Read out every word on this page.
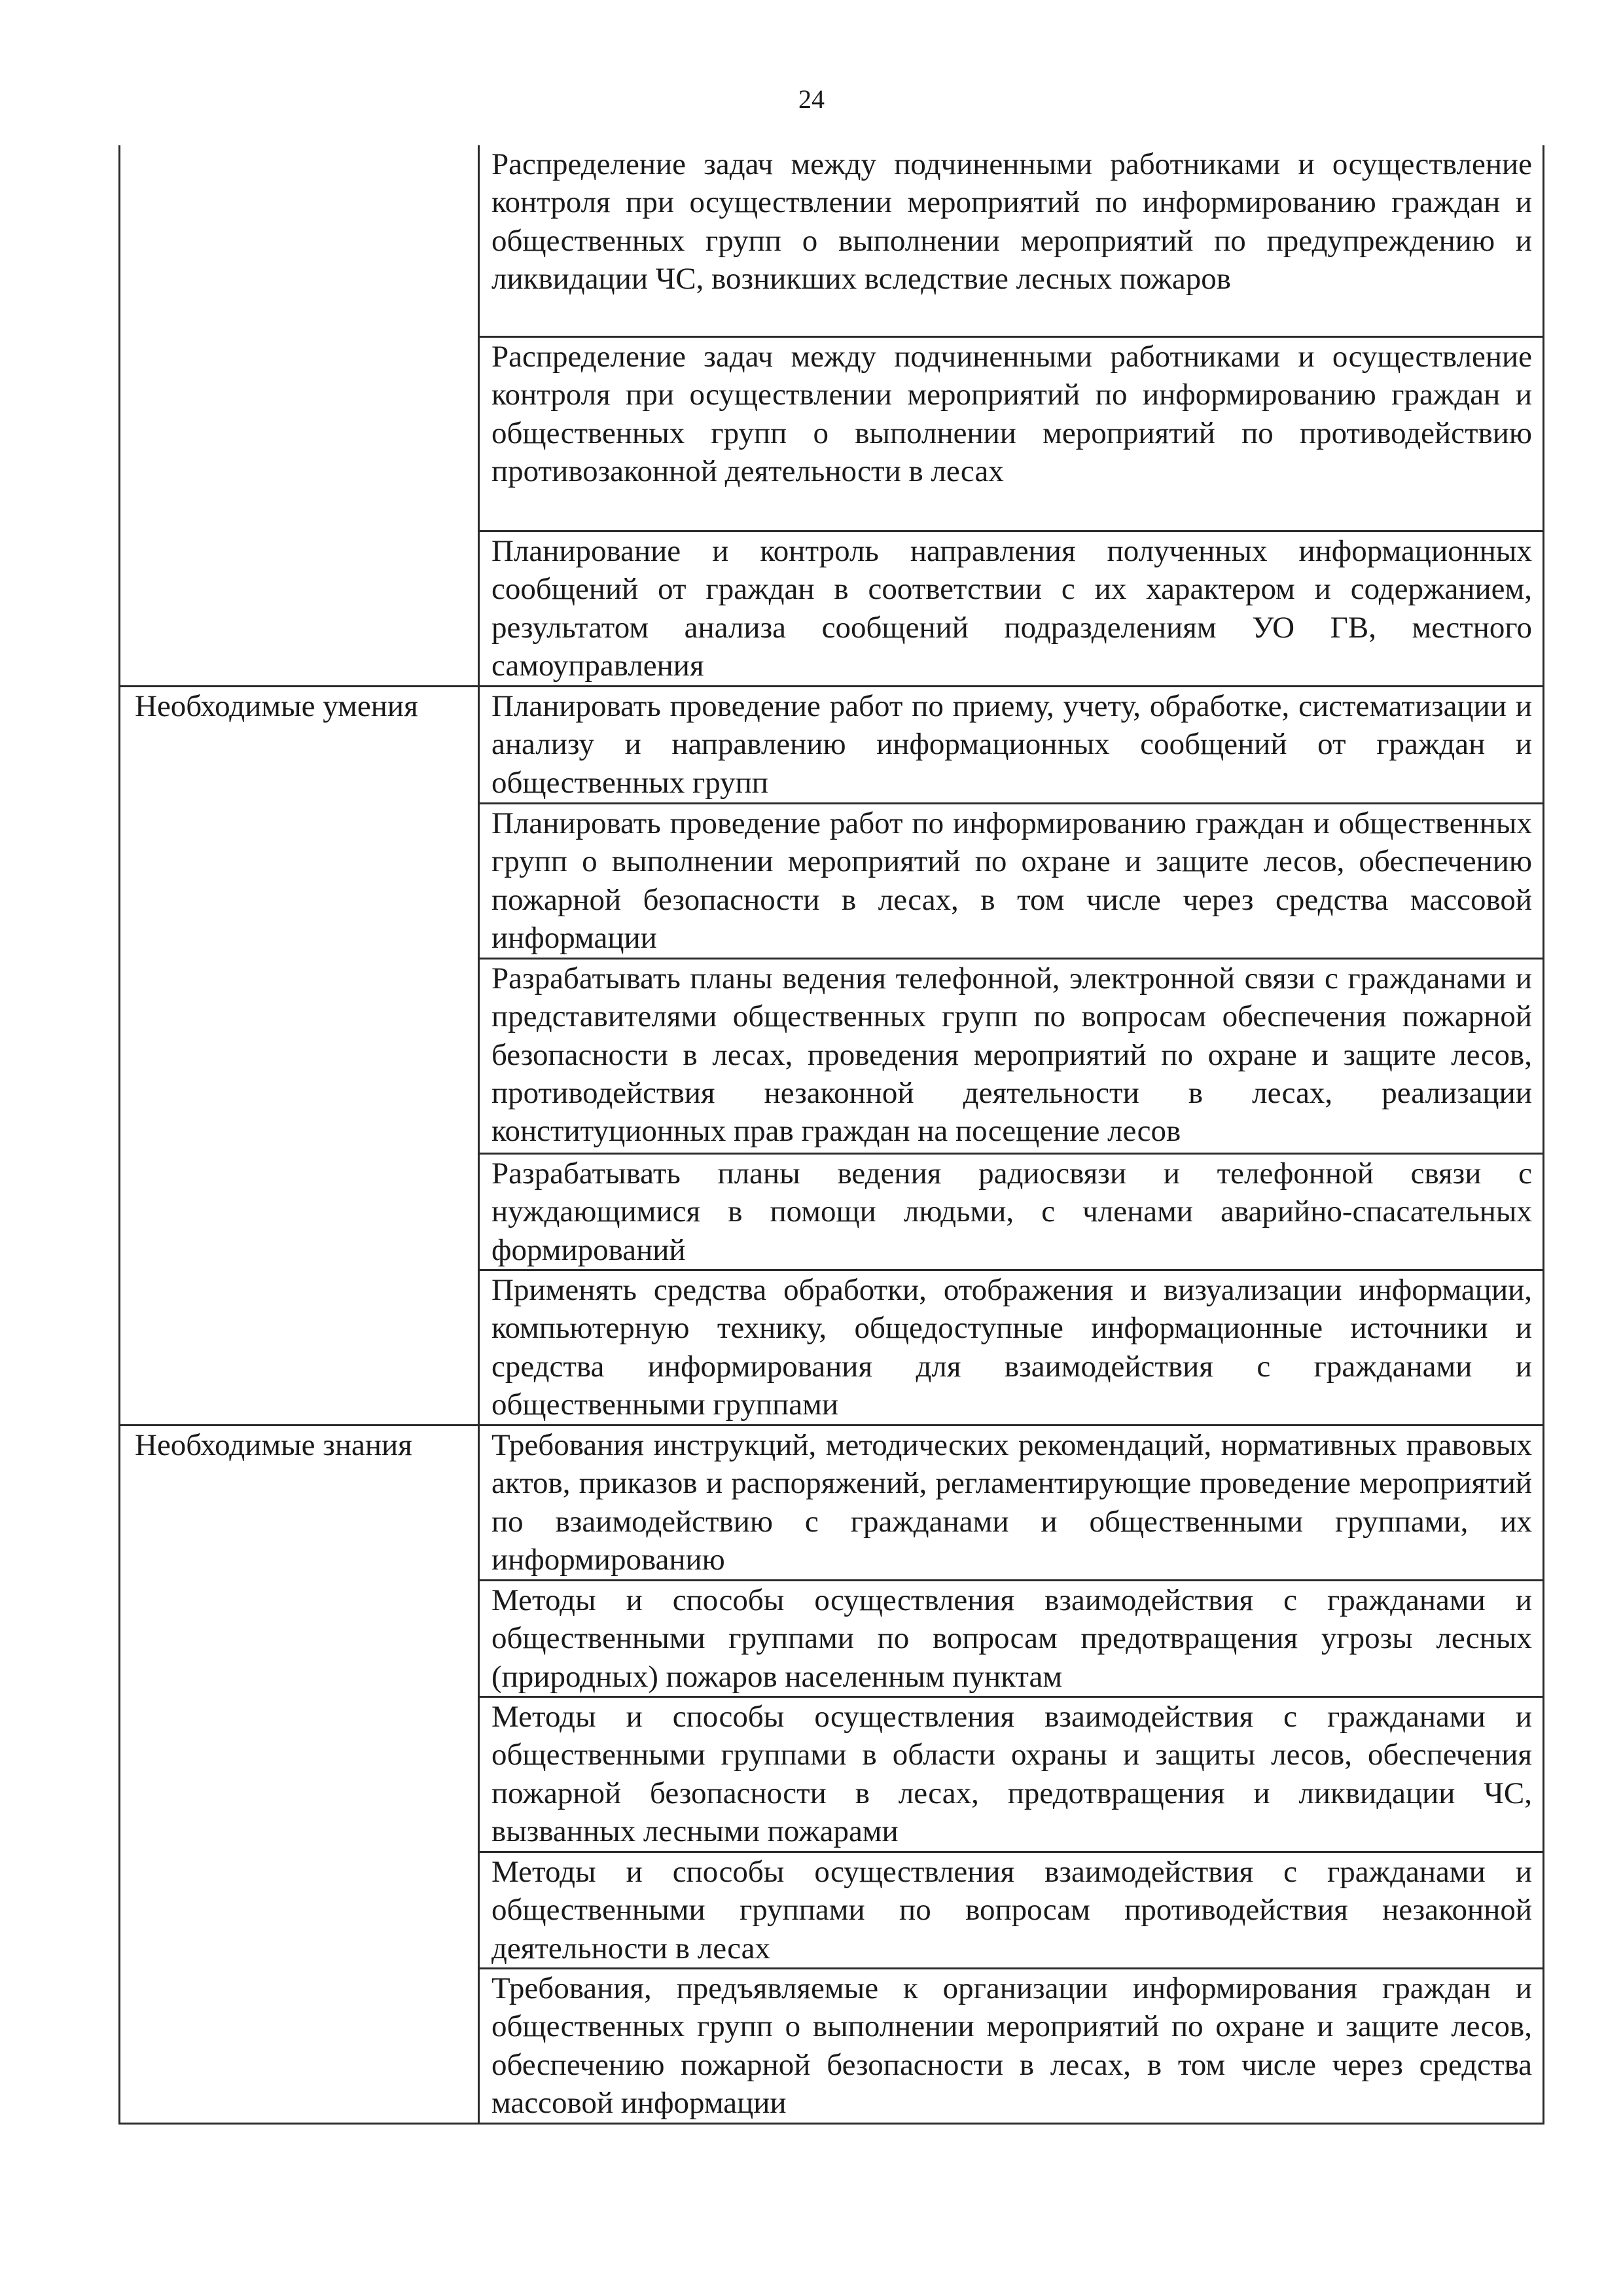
24
	Распределение задач между подчиненными работниками и осуществление контроля при осуществлении мероприятий по информированию граждан и общественных групп о выполнении мероприятий по предупреждению и ликвидации ЧС, возникших вследствие лесных пожаров
	Распределение задач между подчиненными работниками и осуществление контроля при осуществлении мероприятий по информированию граждан и общественных групп о выполнении мероприятий по противодействию противозаконной деятельности в лесах
	Планирование и контроль направления полученных информационных сообщений от граждан в соответствии с их характером и содержанием, результатом анализа сообщений подразделениям УО ГВ, местного самоуправления
Необходимые умения	Планировать проведение работ по приему, учету, обработке, систематизации и анализу и направлению информационных сообщений от граждан и общественных групп
	Планировать проведение работ по информированию граждан и общественных групп о выполнении мероприятий по охране и защите лесов, обеспечению пожарной безопасности в лесах, в том числе через средства массовой информации
	Разрабатывать планы ведения телефонной, электронной связи с гражданами и представителями общественных групп по вопросам обеспечения пожарной безопасности в лесах, проведения мероприятий по охране и защите лесов, противодействия незаконной деятельности в лесах, реализации конституционных прав граждан на посещение лесов
	Разрабатывать планы ведения радиосвязи и телефонной связи с нуждающимися в помощи людьми, с членами аварийно-спасательных формирований
	Применять средства обработки, отображения и визуализации информации, компьютерную технику, общедоступные информационные источники и средства информирования для взаимодействия с гражданами и общественными группами
Необходимые знания	Требования инструкций, методических рекомендаций, нормативных правовых актов, приказов и распоряжений, регламентирующие проведение мероприятий по взаимодействию с гражданами и общественными группами, их информированию
	Методы и способы осуществления взаимодействия с гражданами и общественными группами по вопросам предотвращения угрозы лесных (природных) пожаров населенным пунктам
	Методы и способы осуществления взаимодействия с гражданами и общественными группами в области охраны и защиты лесов, обеспечения пожарной безопасности в лесах, предотвращения и ликвидации ЧС, вызванных лесными пожарами
	Методы и способы осуществления взаимодействия с гражданами и общественными группами по вопросам противодействия незаконной деятельности в лесах
	Требования, предъявляемые к организации информирования граждан и общественных групп о выполнении мероприятий по охране и защите лесов, обеспечению пожарной безопасности в лесах, в том числе через средства массовой информации
